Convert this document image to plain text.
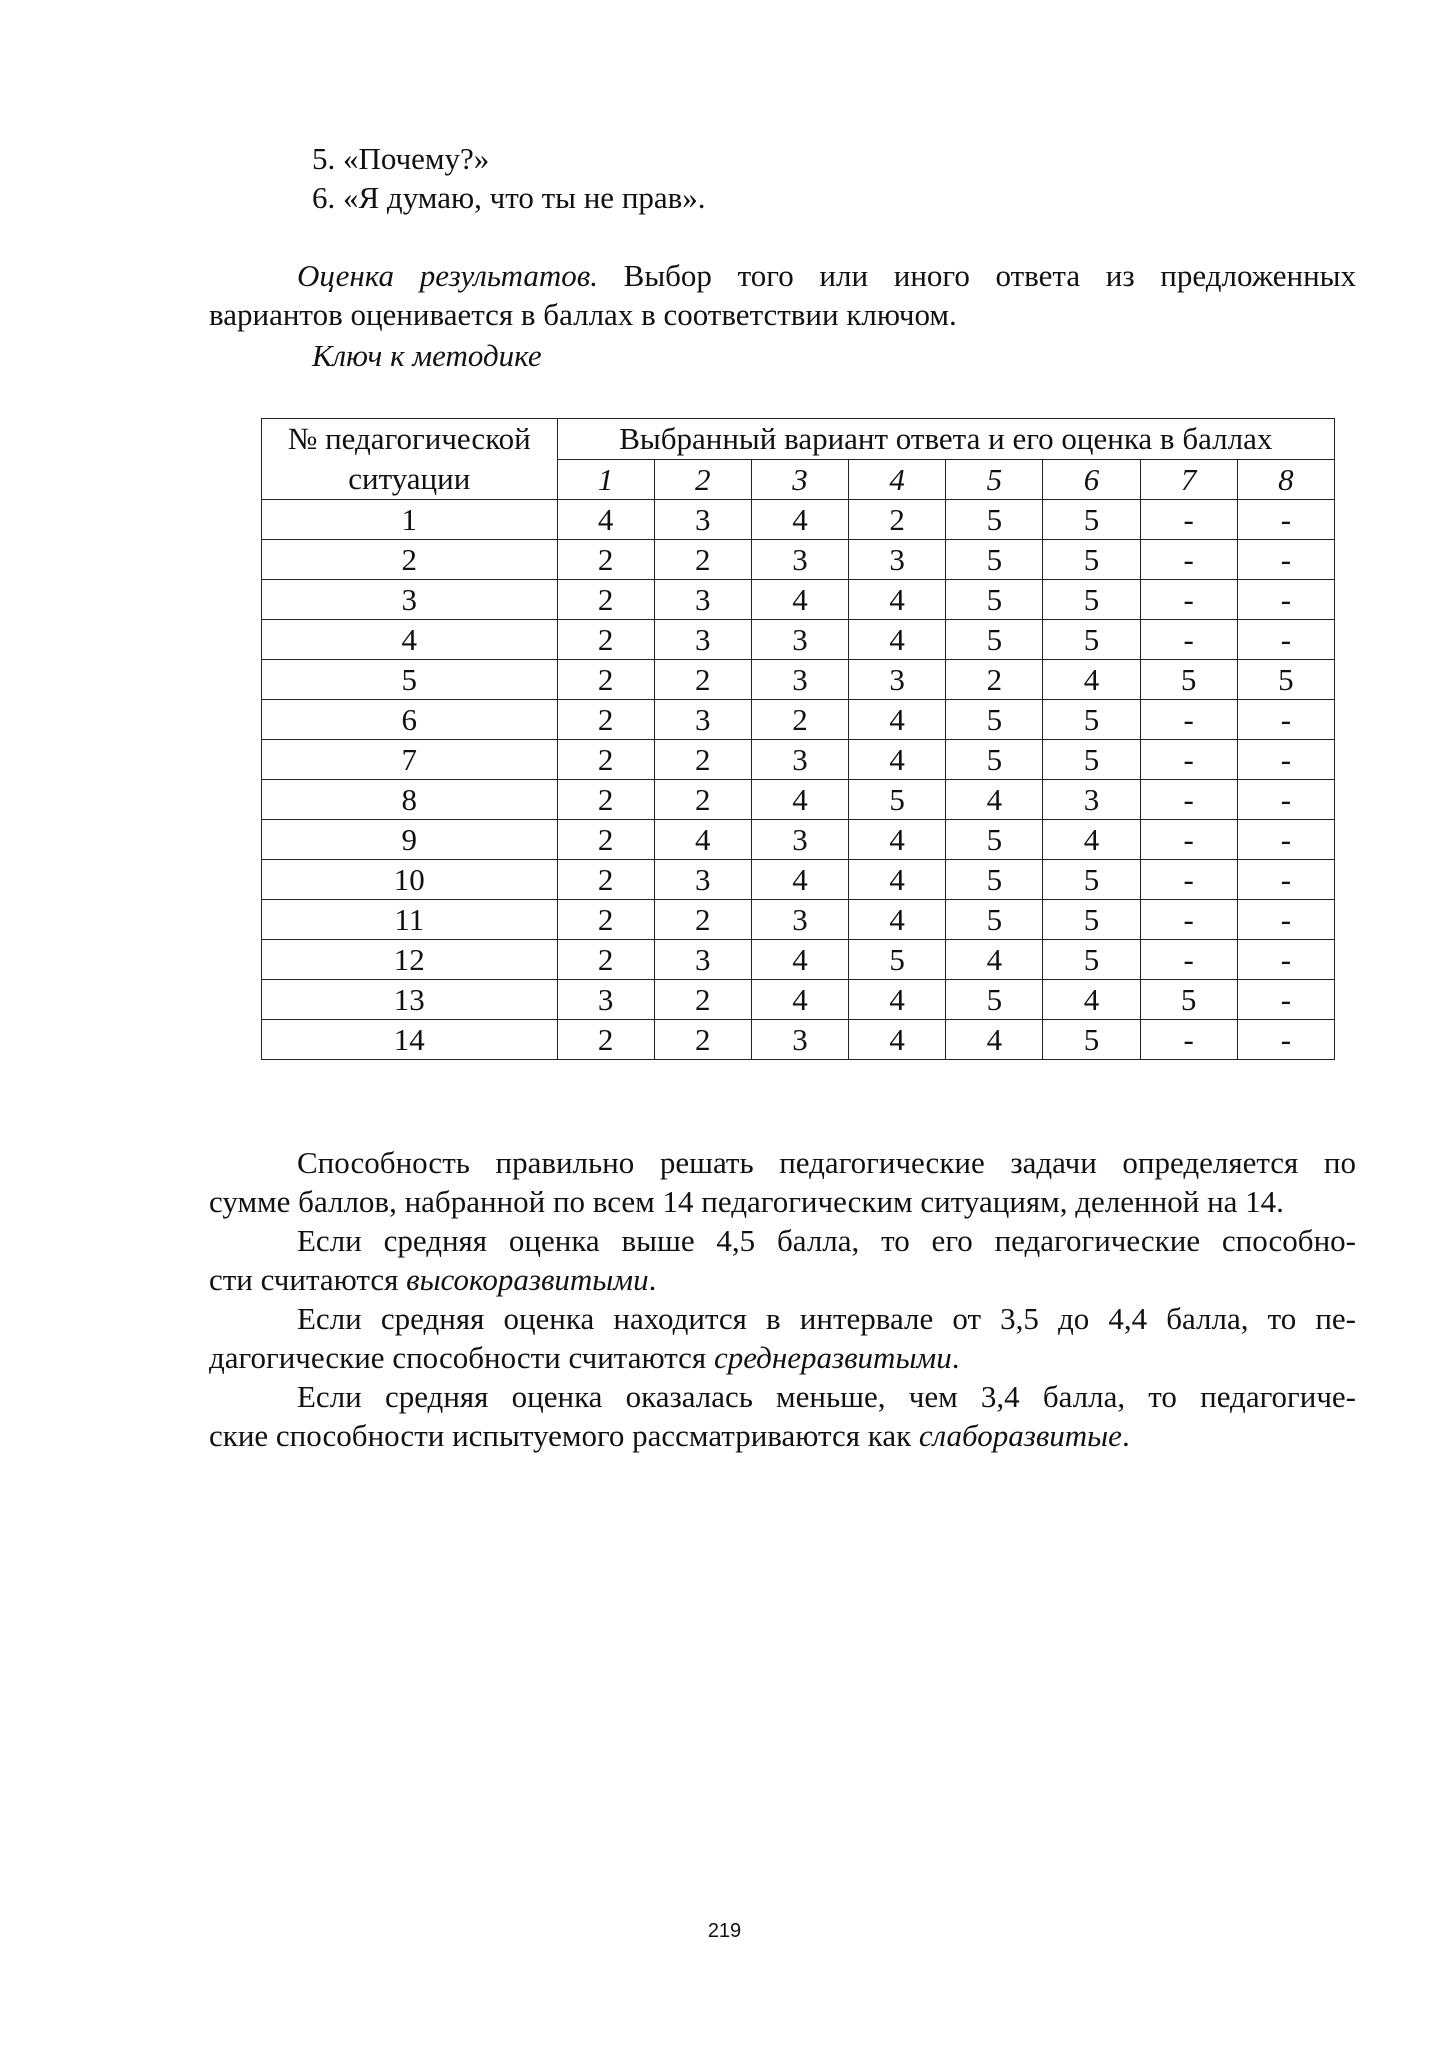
5. «Почему?»
6. «Я думаю, что ты не прав».
Оценка результатов. Выбор того или иного ответа из предложенных
вариантов оценивается в баллах в соответствии ключом.
Ключ к методике
№ педагогической ситуации	Выбранный вариант ответа и его оценка в баллах							
	1	2	3	4	5	6	7	8
1	4	3	4	2	5	5	-	-
2	2	2	3	3	5	5	-	-
3	2	3	4	4	5	5	-	-
4	2	3	3	4	5	5	-	-
5	2	2	3	3	2	4	5	5
6	2	3	2	4	5	5	-	-
7	2	2	3	4	5	5	-	-
8	2	2	4	5	4	3	-	-
9	2	4	3	4	5	4	-	-
10	2	3	4	4	5	5	-	-
11	2	2	3	4	5	5	-	-
12	2	3	4	5	4	5	-	-
13	3	2	4	4	5	4	5	-
14	2	2	3	4	4	5	-	-
Способность правильно решать педагогические задачи определяется по
сумме баллов, набранной по всем 14 педагогическим ситуациям, деленной на 14.
Если средняя оценка выше 4,5 балла, то его педагогические способно-
сти считаются высокоразвитыми.
Если средняя оценка находится в интервале от 3,5 до 4,4 балла, то пе-
дагогические способности считаются среднеразвитыми.
Если средняя оценка оказалась меньше, чем 3,4 балла, то педагогиче-
ские способности испытуемого рассматриваются как слаборазвитые.
219
